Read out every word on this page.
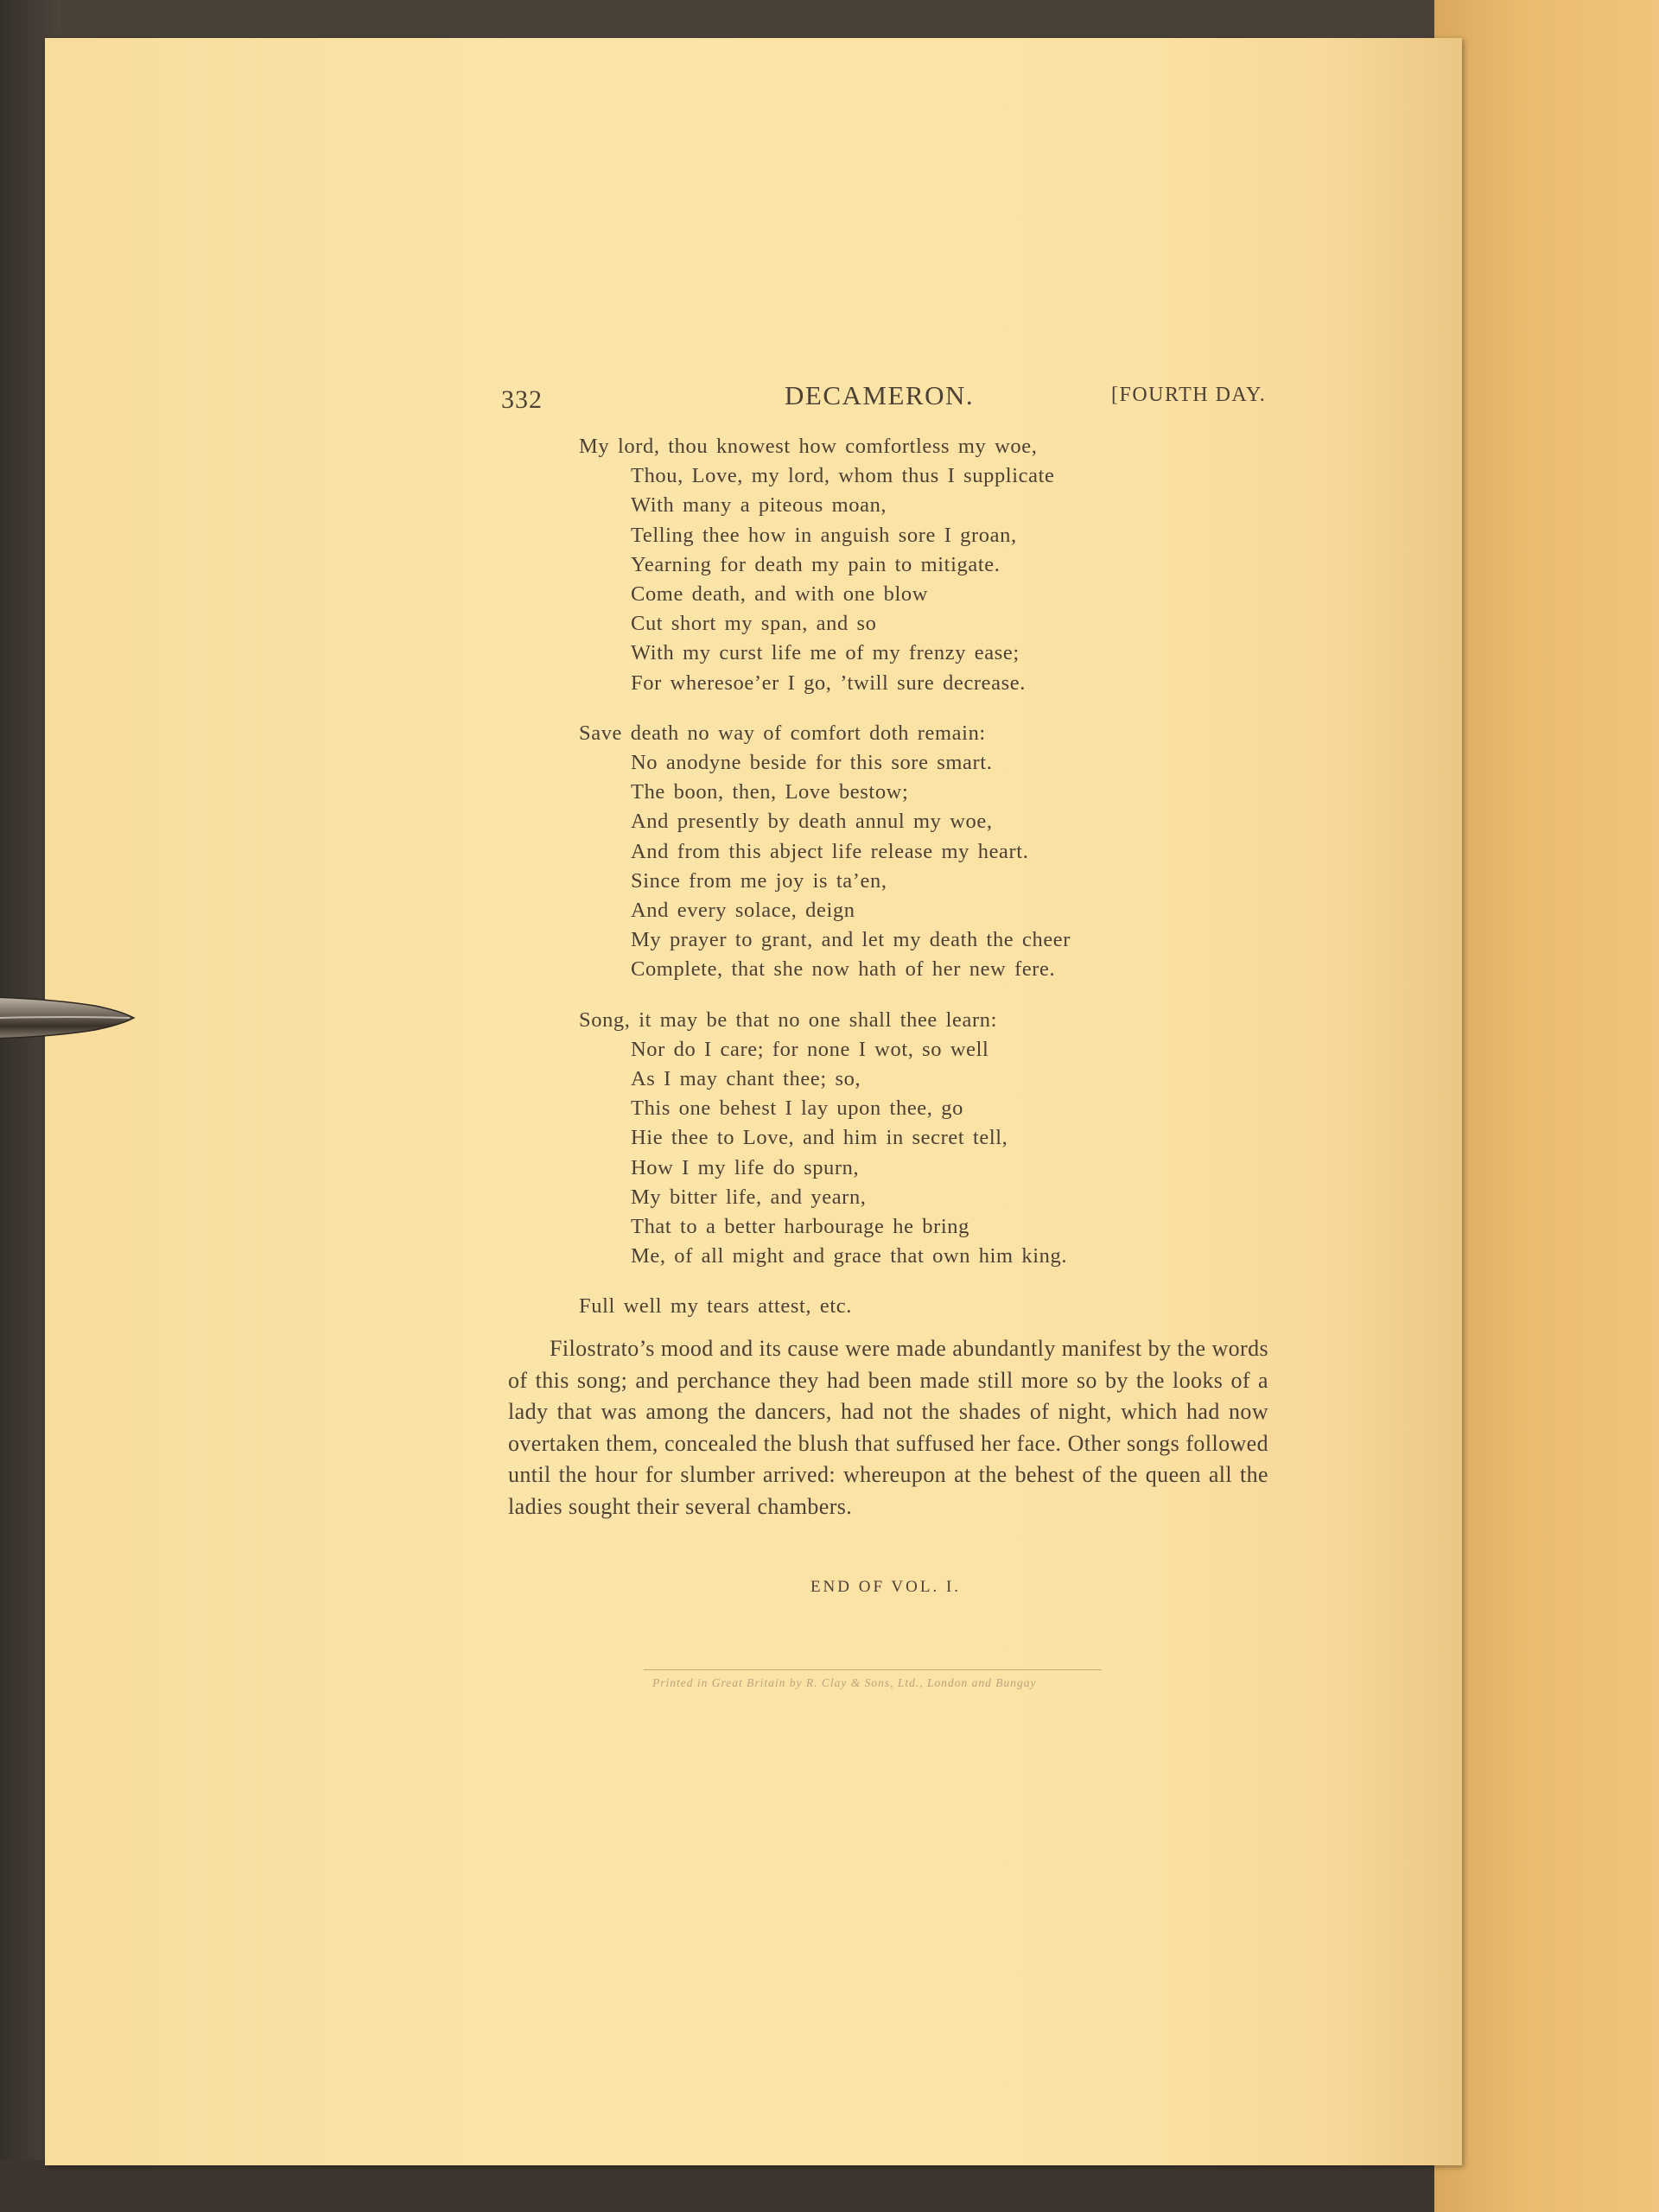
332	DECAMERON.	[FOURTH DAY.
My lord, thou knowest how comfortless my woe,
Thou, Love, my lord, whom thus I supplicate
With many a piteous moan,
Telling thee how in anguish sore I groan,
Yearning for death my pain to mitigate.
Come death, and with one blow
Cut short my span, and so
With my curst life me of my frenzy ease;
For wheresoe’er I go, ’twill sure decrease.
Save death no way of comfort doth remain:
No anodyne beside for this sore smart.
The boon, then, Love bestow;
And presently by death annul my woe,
And from this abject life release my heart.
Since from me joy is ta’en,
And every solace, deign
My prayer to grant, and let my death the cheer
Complete, that she now hath of her new fere.
Song, it may be that no one shall thee learn:
Nor do I care; for none I wot, so well
As I may chant thee; so,
This one behest I lay upon thee, go
Hie thee to Love, and him in secret tell,
How I my life do spurn,
My bitter life, and yearn,
That to a better harbourage he bring
Me, of all might and grace that own him king.
Full well my tears attest, etc.

Filostrato’s mood and its cause were made abundantly manifest by the words of this song; and perchance they had been made still more so by the looks of a lady that was among the dancers, had not the shades of night, which had now overtaken them, concealed the blush that suffused her face. Other songs followed until the hour for slumber arrived: whereupon at the behest of the queen all the ladies sought their several chambers.

END OF VOL. I.
Printed in Great Britain by R. Clay & Sons, Ltd., London and Bungay
